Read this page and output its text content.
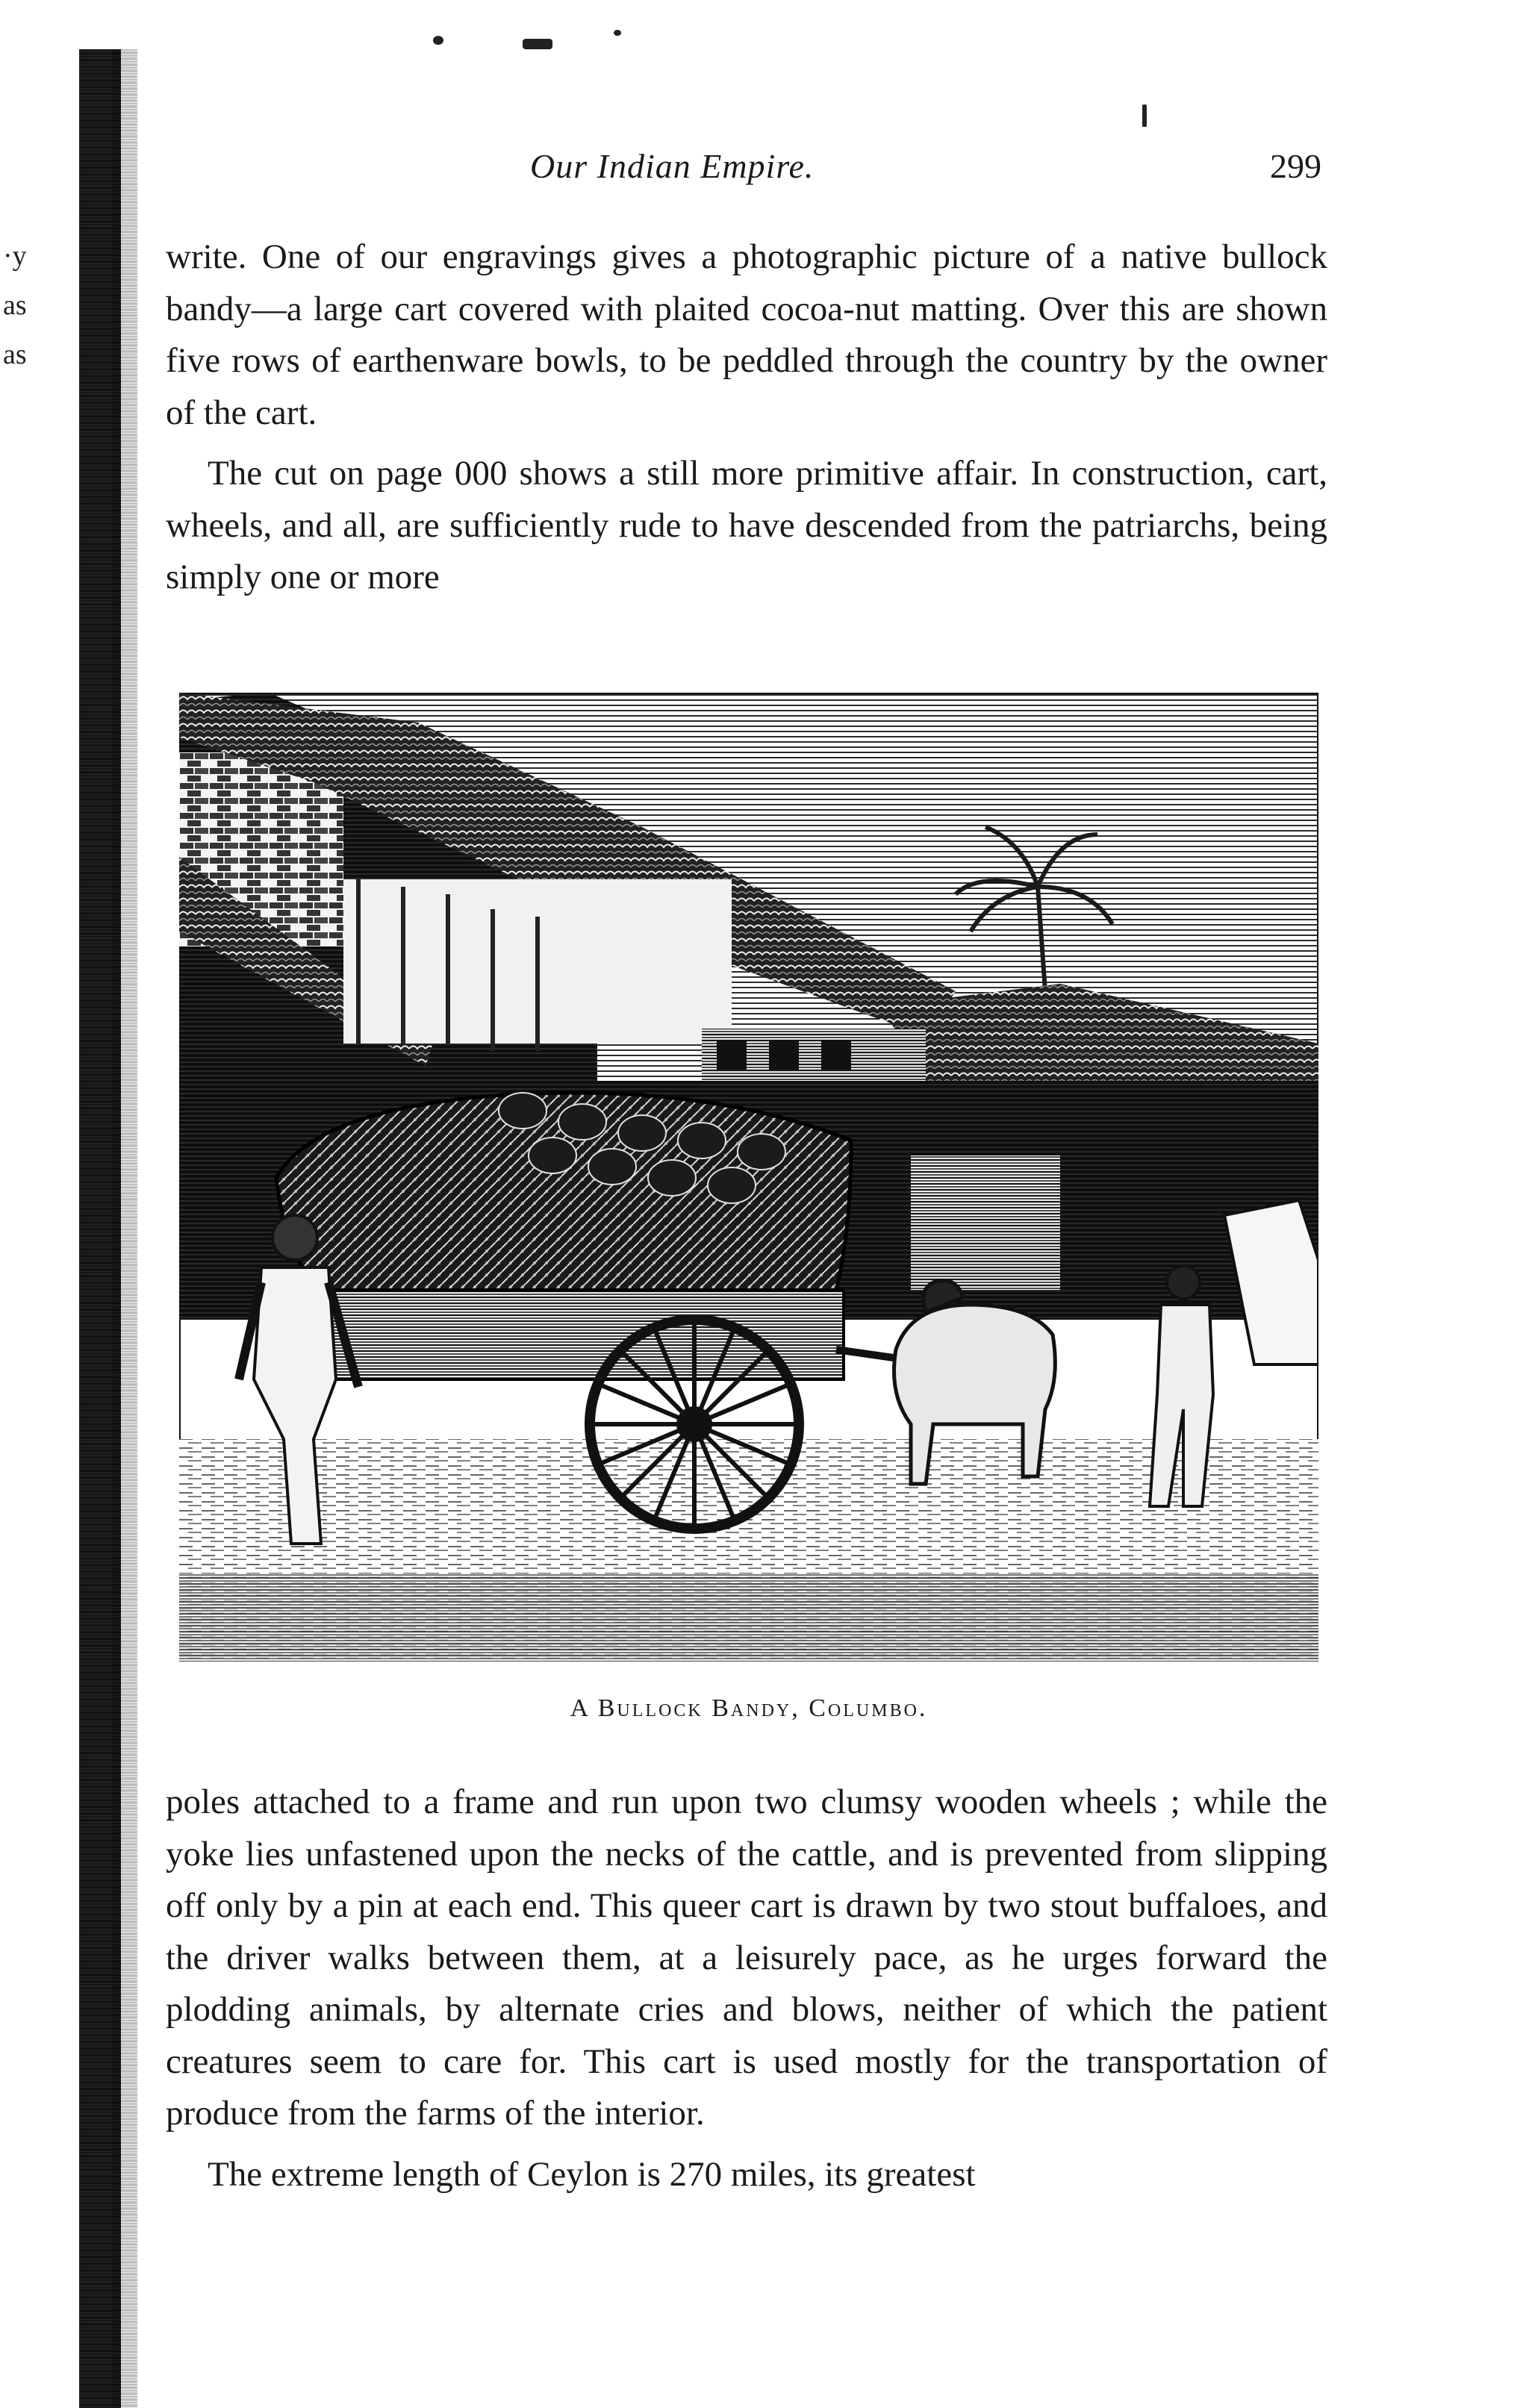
·y
as
as
Our Indian Empire.	299

write. One of our engravings gives a photographic picture of a native bullock bandy—a large cart covered with plaited cocoa-nut matting. Over this are shown five rows of earthenware bowls, to be peddled through the country by the owner of the cart.

The cut on page 000 shows a still more primitive affair. In construction, cart, wheels, and all, are sufficiently rude to have descended from the patriarchs, being simply one or more

A Bullock Bandy, Columbo.

poles attached to a frame and run upon two clumsy wooden wheels ; while the yoke lies unfastened upon the necks of the cattle, and is prevented from slipping off only by a pin at each end. This queer cart is drawn by two stout buffaloes, and the driver walks between them, at a leisurely pace, as he urges forward the plodding animals, by alternate cries and blows, neither of which the patient creatures seem to care for. This cart is used mostly for the transportation of produce from the farms of the interior.

The extreme length of Ceylon is 270 miles, its greatest
